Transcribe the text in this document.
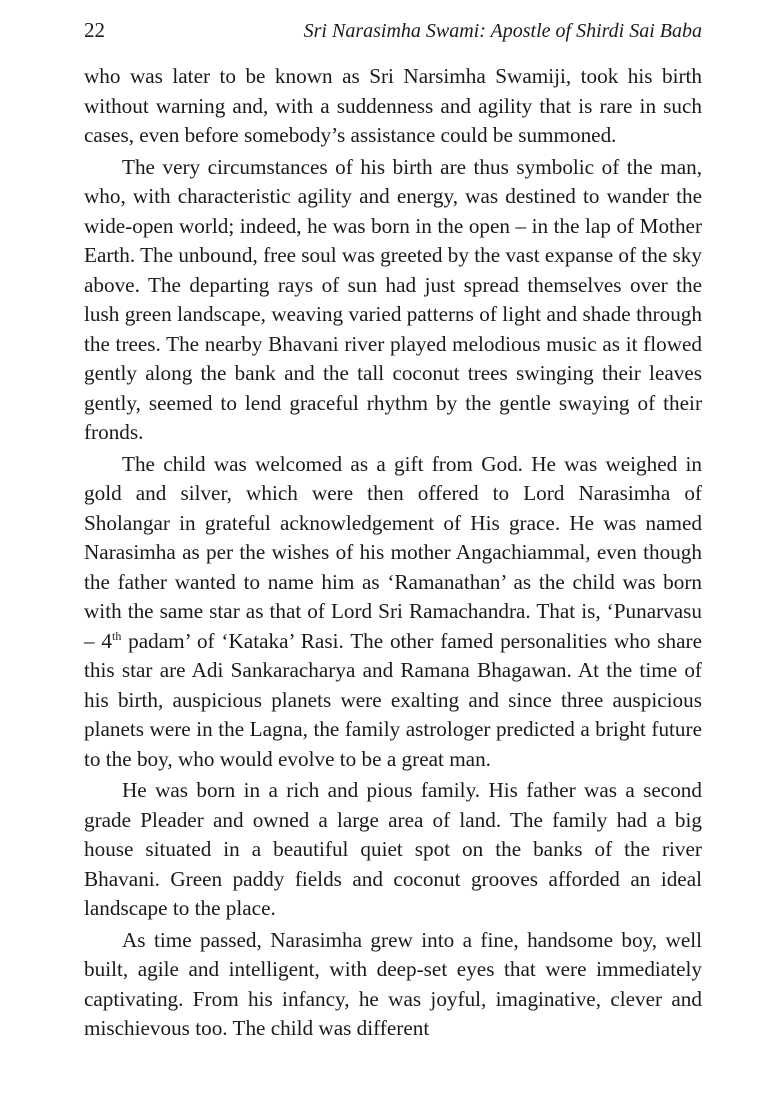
22	Sri Narasimha Swami: Apostle of Shirdi Sai Baba

who was later to be known as Sri Narsimha Swamiji, took his birth without warning and, with a suddenness and agility that is rare in such cases, even before somebody’s assistance could be summoned.

The very circumstances of his birth are thus symbolic of the man, who, with characteristic agility and energy, was destined to wander the wide-open world; indeed, he was born in the open – in the lap of Mother Earth. The unbound, free soul was greeted by the vast expanse of the sky above. The departing rays of sun had just spread themselves over the lush green landscape, weaving varied patterns of light and shade through the trees. The nearby Bhavani river played melodious music as it flowed gently along the bank and the tall coconut trees swinging their leaves gently, seemed to lend graceful rhythm by the gentle swaying of their fronds.

The child was welcomed as a gift from God. He was weighed in gold and silver, which were then offered to Lord Narasimha of Sholangar in grateful acknowledgement of His grace. He was named Narasimha as per the wishes of his mother Angachiammal, even though the father wanted to name him as ‘Ramanathan’ as the child was born with the same star as that of Lord Sri Ramachandra. That is, ‘Punarvasu – 4th padam’ of ‘Kataka’ Rasi. The other famed personalities who share this star are Adi Sankaracharya and Ramana Bhagawan. At the time of his birth, auspicious planets were exalting and since three auspicious planets were in the Lagna, the family astrologer predicted a bright future to the boy, who would evolve to be a great man.

He was born in a rich and pious family. His father was a second grade Pleader and owned a large area of land. The family had a big house situated in a beautiful quiet spot on the banks of the river Bhavani. Green paddy fields and coconut grooves afforded an ideal landscape to the place.

As time passed, Narasimha grew into a fine, handsome boy, well built, agile and intelligent, with deep-set eyes that were immediately captivating. From his infancy, he was joyful, imaginative, clever and mischievous too. The child was different
